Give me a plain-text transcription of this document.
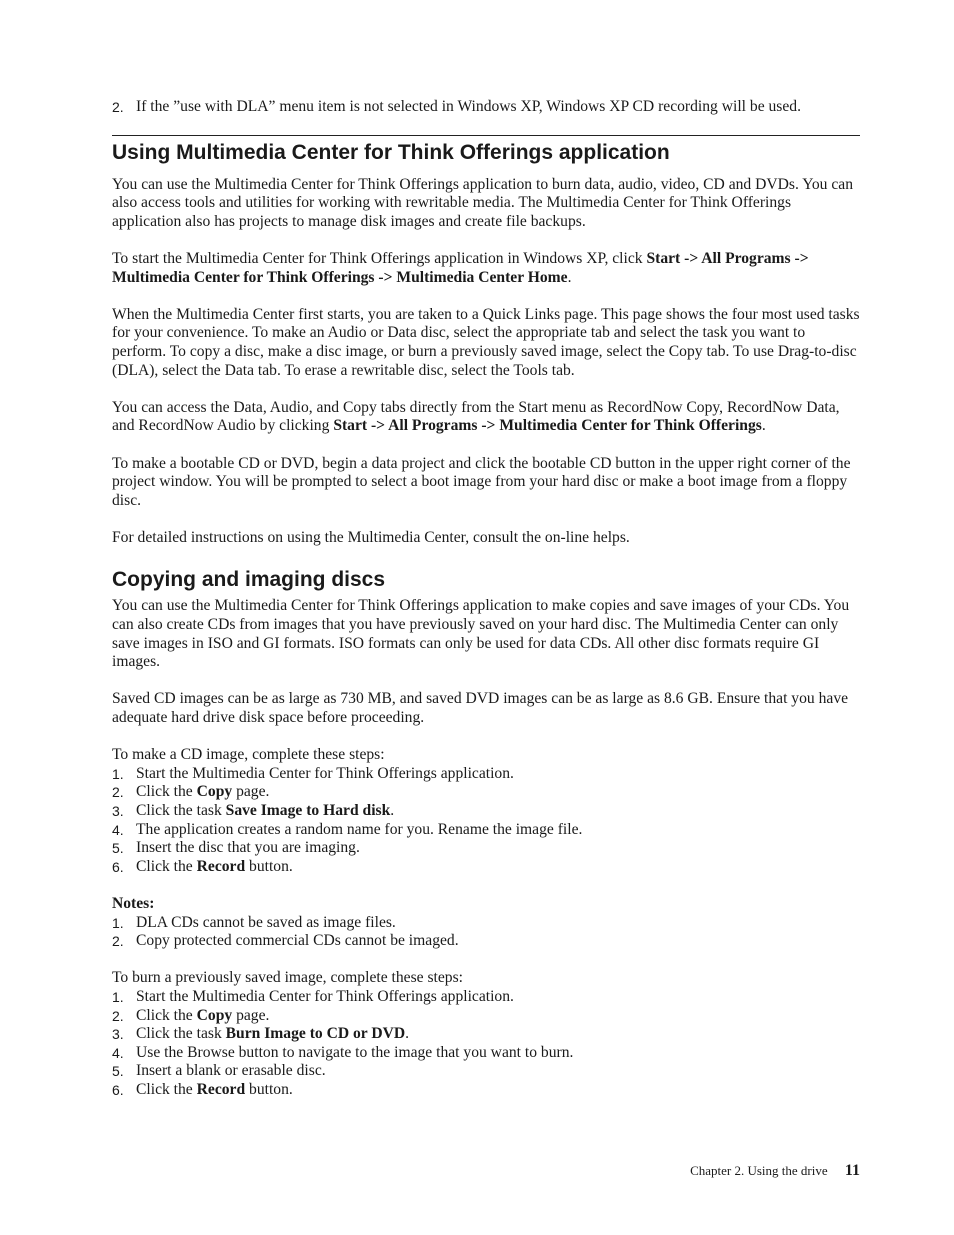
2. If the ”use with DLA” menu item is not selected in Windows XP, Windows XP CD recording will be used.
Using Multimedia Center for Think Offerings application

You can use the Multimedia Center for Think Offerings application to burn data, audio, video, CD and DVDs. You can also access tools and utilities for working with rewritable media. The Multimedia Center for Think Offerings application also has projects to manage disk images and create file backups.

To start the Multimedia Center for Think Offerings application in Windows XP, click Start -> All Programs -> Multimedia Center for Think Offerings -> Multimedia Center Home.

When the Multimedia Center first starts, you are taken to a Quick Links page. This page shows the four most used tasks for your convenience. To make an Audio or Data disc, select the appropriate tab and select the task you want to perform. To copy a disc, make a disc image, or burn a previously saved image, select the Copy tab. To use Drag-to-disc (DLA), select the Data tab. To erase a rewritable disc, select the Tools tab.

You can access the Data, Audio, and Copy tabs directly from the Start menu as RecordNow Copy, RecordNow Data, and RecordNow Audio by clicking Start -> All Programs -> Multimedia Center for Think Offerings.

To make a bootable CD or DVD, begin a data project and click the bootable CD button in the upper right corner of the project window. You will be prompted to select a boot image from your hard disc or make a boot image from a floppy disc.

For detailed instructions on using the Multimedia Center, consult the on-line helps.

Copying and imaging discs

You can use the Multimedia Center for Think Offerings application to make copies and save images of your CDs. You can also create CDs from images that you have previously saved on your hard disc. The Multimedia Center can only save images in ISO and GI formats. ISO formats can only be used for data CDs. All other disc formats require GI images.

Saved CD images can be as large as 730 MB, and saved DVD images can be as large as 8.6 GB. Ensure that you have adequate hard drive disk space before proceeding.

To make a CD image, complete these steps:
1. Start the Multimedia Center for Think Offerings application.
2. Click the Copy page.
3. Click the task Save Image to Hard disk.
4. The application creates a random name for you. Rename the image file.
5. Insert the disc that you are imaging.
6. Click the Record button.
Notes:
1. DLA CDs cannot be saved as image files.
2. Copy protected commercial CDs cannot be imaged.
To burn a previously saved image, complete these steps:
1. Start the Multimedia Center for Think Offerings application.
2. Click the Copy page.
3. Click the task Burn Image to CD or DVD.
4. Use the Browse button to navigate to the image that you want to burn.
5. Insert a blank or erasable disc.
6. Click the Record button.
Chapter 2. Using the drive 11
